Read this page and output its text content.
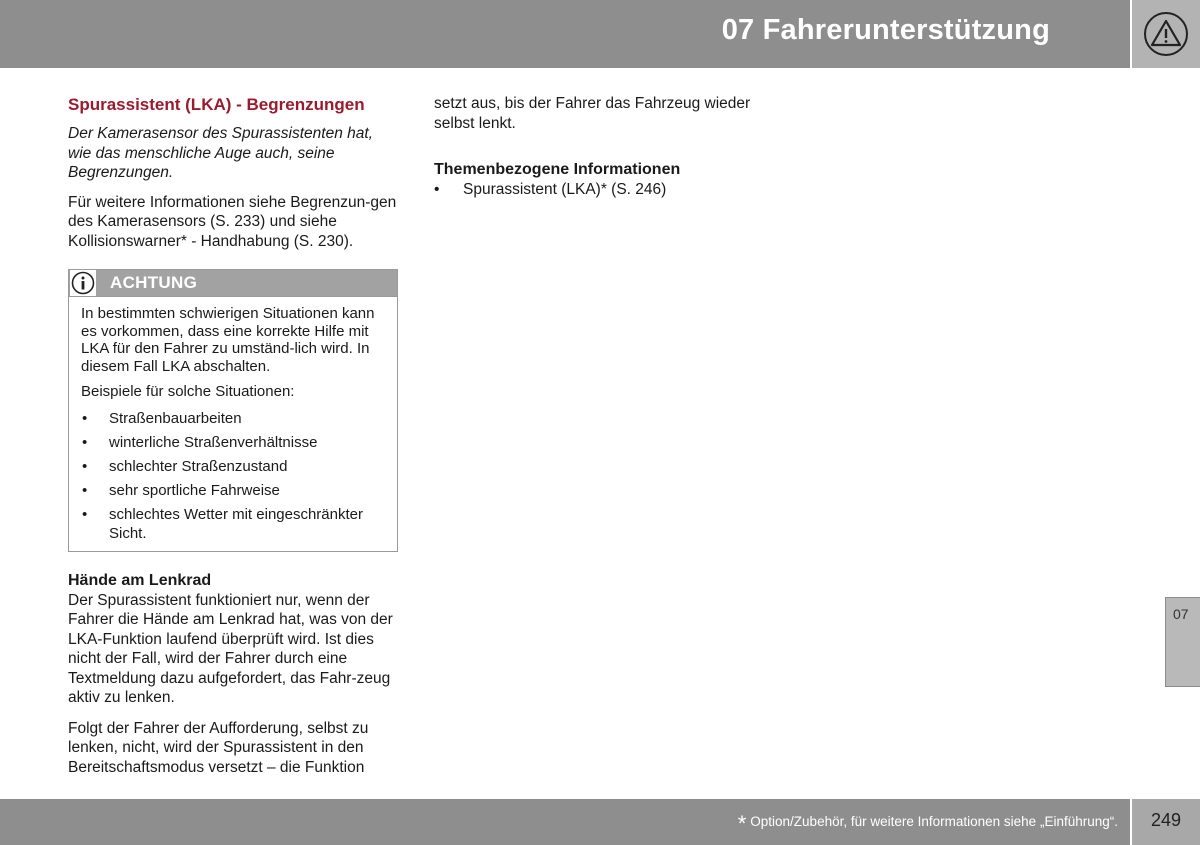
07 Fahrerunterstützung
Spurassistent (LKA) - Begrenzungen

Der Kamerasensor des Spurassistenten hat, wie das menschliche Auge auch, seine Begrenzungen.

Für weitere Informationen siehe Begrenzun-gen des Kamerasensors (S. 233) und siehe Kollisionswarner* - Handhabung (S. 230).

ACHTUNG

In bestimmten schwierigen Situationen kann es vorkommen, dass eine korrekte Hilfe mit LKA für den Fahrer zu umständ-lich wird. In diesem Fall LKA abschalten.

Beispiele für solche Situationen:

• Straßenbauarbeiten
• winterliche Straßenverhältnisse
• schlechter Straßenzustand
• sehr sportliche Fahrweise
• schlechtes Wetter mit eingeschränkter Sicht.
Hände am Lenkrad

Der Spurassistent funktioniert nur, wenn der Fahrer die Hände am Lenkrad hat, was von der LKA-Funktion laufend überprüft wird. Ist dies nicht der Fall, wird der Fahrer durch eine Textmeldung dazu aufgefordert, das Fahr-zeug aktiv zu lenken.

Folgt der Fahrer der Aufforderung, selbst zu lenken, nicht, wird der Spurassistent in den Bereitschaftsmodus versetzt – die Funktion

setzt aus, bis der Fahrer das Fahrzeug wieder selbst lenkt.

Themenbezogene Informationen
• Spurassistent (LKA)* (S. 246)
07
* Option/Zubehör, für weitere Informationen siehe „Einführung“.	249
